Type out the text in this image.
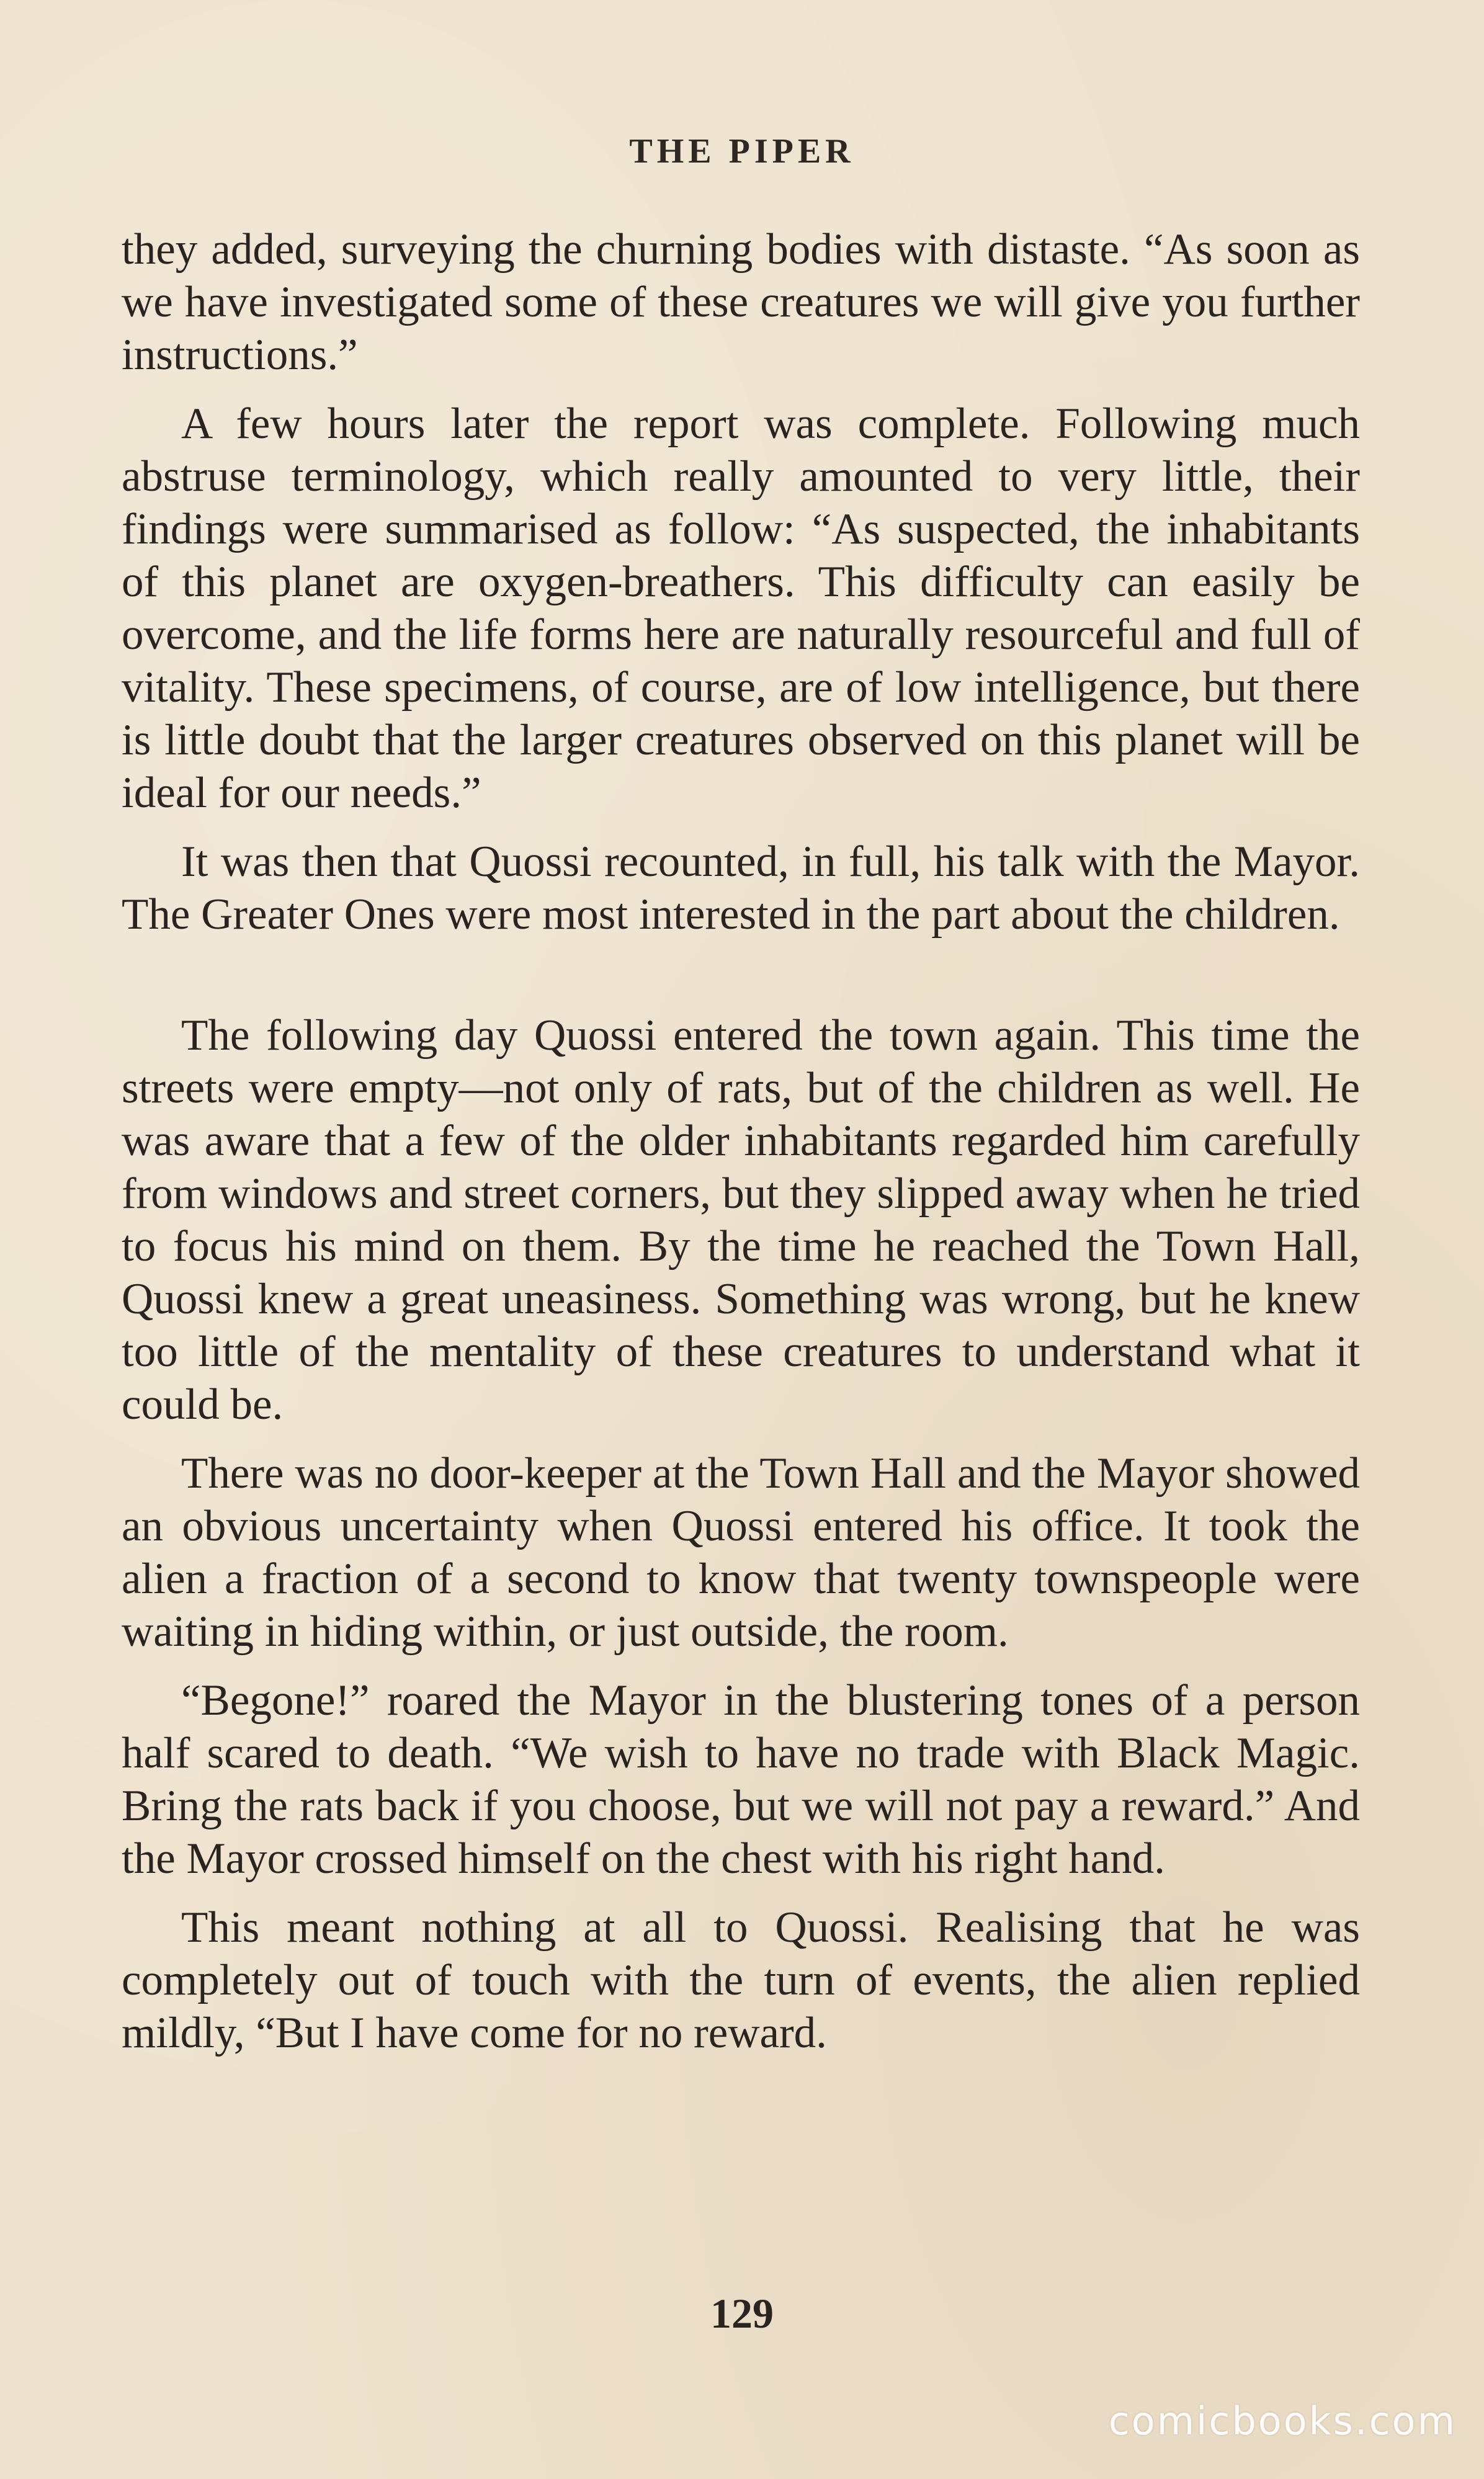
THE PIPER

they added, surveying the churning bodies with distaste. “As soon as we have investigated some of these creatures we will give you further instructions.”

A few hours later the report was complete. Following much abstruse terminology, which really amounted to very little, their findings were summarised as follow: “As suspected, the inhabitants of this planet are oxygen-breathers. This difficulty can easily be overcome, and the life forms here are naturally resourceful and full of vitality. These specimens, of course, are of low intelligence, but there is little doubt that the larger creatures observed on this planet will be ideal for our needs.”

It was then that Quossi recounted, in full, his talk with the Mayor. The Greater Ones were most interested in the part about the children.

The following day Quossi entered the town again. This time the streets were empty—not only of rats, but of the children as well. He was aware that a few of the older inhabitants regarded him carefully from windows and street corners, but they slipped away when he tried to focus his mind on them. By the time he reached the Town Hall, Quossi knew a great uneasiness. Something was wrong, but he knew too little of the mentality of these creatures to understand what it could be.

There was no door-keeper at the Town Hall and the Mayor showed an obvious uncertainty when Quossi entered his office. It took the alien a fraction of a second to know that twenty townspeople were waiting in hiding within, or just outside, the room.

“Begone!” roared the Mayor in the blustering tones of a person half scared to death. “We wish to have no trade with Black Magic. Bring the rats back if you choose, but we will not pay a reward.” And the Mayor crossed himself on the chest with his right hand.

This meant nothing at all to Quossi. Realising that he was completely out of touch with the turn of events, the alien replied mildly, “But I have come for no reward.

129
comicbooks.com
